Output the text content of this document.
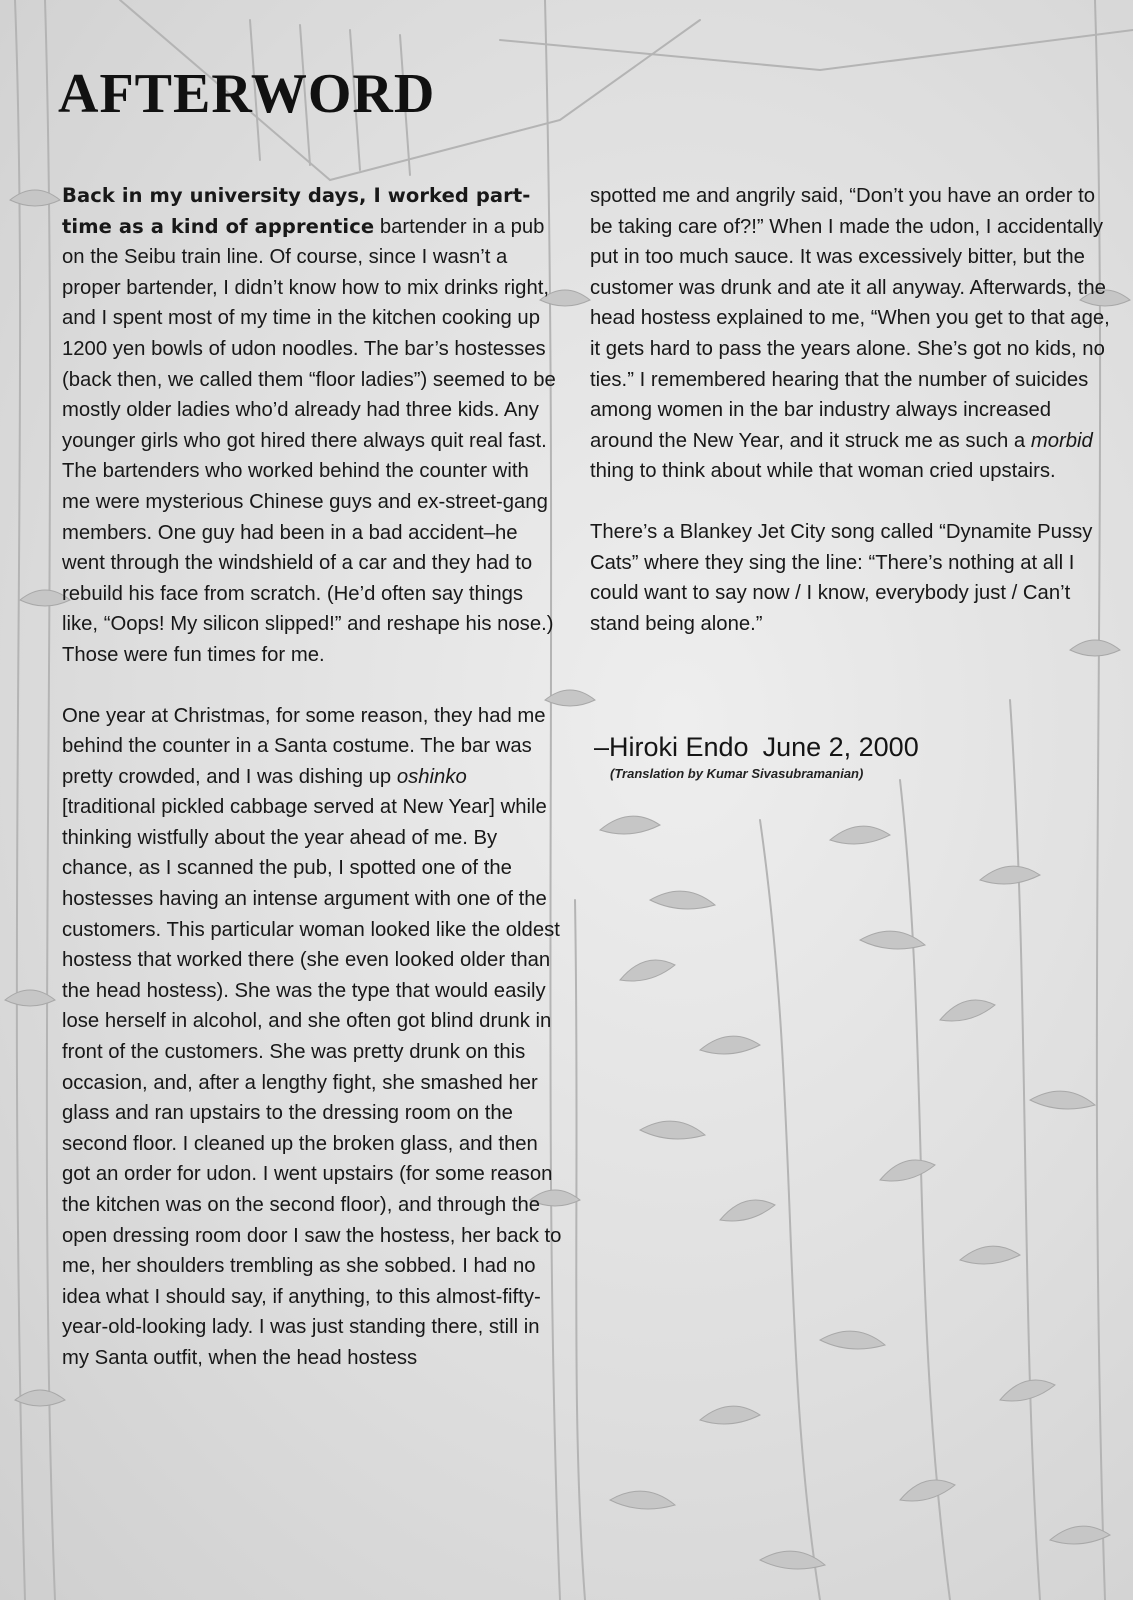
AFTERWORD

Back in my university days, I worked part-time as a kind of apprentice bartender in a pub on the Seibu train line. Of course, since I wasn’t a proper bartender, I didn’t know how to mix drinks right, and I spent most of my time in the kitchen cooking up 1200 yen bowls of udon noodles. The bar’s hostesses (back then, we called them “floor ladies”) seemed to be mostly older ladies who’d already had three kids. Any younger girls who got hired there always quit real fast. The bartenders who worked behind the counter with me were mysterious Chinese guys and ex-street-gang members. One guy had been in a bad accident–he went through the windshield of a car and they had to rebuild his face from scratch. (He’d often say things like, “Oops! My silicon slipped!” and reshape his nose.) Those were fun times for me.

One year at Christmas, for some reason, they had me behind the counter in a Santa costume. The bar was pretty crowded, and I was dishing up oshinko [traditional pickled cabbage served at New Year] while thinking wistfully about the year ahead of me. By chance, as I scanned the pub, I spotted one of the hostesses having an intense argument with one of the customers. This particular woman looked like the oldest hostess that worked there (she even looked older than the head hostess). She was the type that would easily lose herself in alcohol, and she often got blind drunk in front of the customers. She was pretty drunk on this occasion, and, after a lengthy fight, she smashed her glass and ran upstairs to the dressing room on the second floor. I cleaned up the broken glass, and then got an order for udon. I went upstairs (for some reason the kitchen was on the second floor), and through the open dressing room door I saw the hostess, her back to me, her shoulders trembling as she sobbed. I had no idea what I should say, if anything, to this almost-fifty-year-old-looking lady. I was just standing there, still in my Santa outfit, when the head hostess

spotted me and angrily said, “Don’t you have an order to be taking care of?!” When I made the udon, I accidentally put in too much sauce. It was excessively bitter, but the customer was drunk and ate it all anyway. Afterwards, the head hostess explained to me, “When you get to that age, it gets hard to pass the years alone. She’s got no kids, no ties.” I remembered hearing that the number of suicides among women in the bar industry always increased around the New Year, and it struck me as such a morbid thing to think about while that woman cried upstairs.

There’s a Blankey Jet City song called “Dynamite Pussy Cats” where they sing the line: “There’s nothing at all I could want to say now / I know, everybody just / Can’t stand being alone.”

–Hiroki Endo June 2, 2000
(Translation by Kumar Sivasubramanian)
